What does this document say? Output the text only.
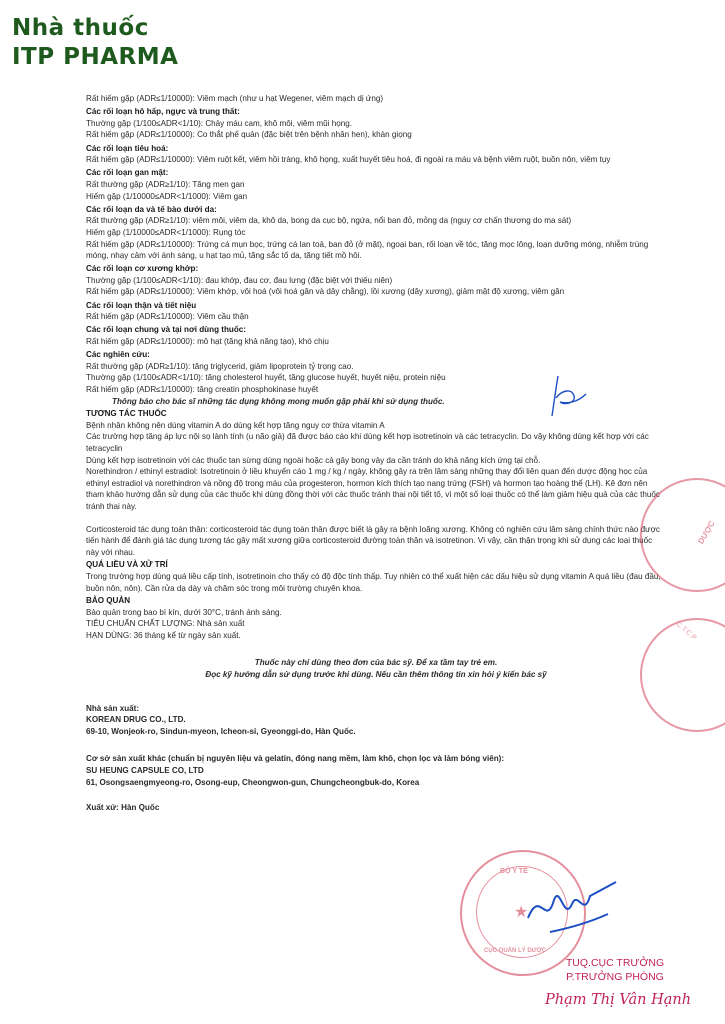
Nhà thuốc
ITP PHARMA

Rất hiếm gặp (ADR≤1/10000): Viêm mạch (như u hạt Wegener, viêm mạch dị ứng)

Các rối loạn hô hấp, ngực và trung thất:

Thường gặp (1/100≤ADR<1/10): Chảy máu cam, khô môi, viêm mũi họng.

Rất hiếm gặp (ADR≤1/10000): Co thắt phế quản (đặc biệt trên bệnh nhân hen), khàn giọng

Các rối loạn tiêu hoá:

Rất hiếm gặp (ADR≤1/10000): Viêm ruột kết, viêm hồi tràng, khô họng, xuất huyết tiêu hoá, đi ngoài ra máu và bệnh viêm ruột, buồn nôn, viêm tụy

Các rối loạn gan mật:

Rất thường gặp (ADR≥1/10): Tăng men gan

Hiếm gặp (1/10000≤ADR<1/1000): Viêm gan

Các rối loạn da và tế bào dưới da:

Rất thường gặp (ADR≥1/10): viêm môi, viêm da, khô da, bong da cục bộ, ngứa, nổi ban đỏ, mỏng da (nguy cơ chấn thương do ma sát)

Hiếm gặp (1/10000≤ADR<1/1000): Rụng tóc

Rất hiếm gặp (ADR≤1/10000): Trứng cá mụn bọc, trứng cá lan toả, ban đỏ (ở mặt), ngoại ban, rối loạn về tóc, tăng mọc lông, loạn dưỡng móng, nhiễm trùng móng, nhạy cảm với ánh sáng, u hạt tạo mủ, tăng sắc tố da, tăng tiết mồ hôi.

Các rối loạn cơ xương khớp:

Thường gặp (1/100≤ADR<1/10): đau khớp, đau cơ, đau lưng (đặc biệt với thiếu niên)

Rất hiếm gặp (ADR≤1/10000): Viêm khớp, vôi hoá (vôi hoá gân và dây chằng), lồi xương (dây xương), giảm mật độ xương, viêm gân

Các rối loạn thận và tiết niệu

Rất hiếm gặp (ADR≤1/10000): Viêm cầu thận

Các rối loạn chung và tại nơi dùng thuốc:

Rất hiếm gặp (ADR≤1/10000): mô hạt (tăng khả năng tạo), khó chịu

Các nghiên cứu:

Rất thường gặp (ADR≥1/10): tăng triglycerid, giảm lipoprotein tỷ trọng cao.

Thường gặp (1/100≤ADR<1/10): tăng cholesterol huyết, tăng glucose huyết, huyết niệu, protein niệu

Rất hiếm gặp (ADR≤1/10000): tăng creatin phosphokinase huyết

Thông báo cho bác sĩ những tác dụng không mong muốn gặp phải khi sử dụng thuốc.

TƯƠNG TÁC THUỐC

Bệnh nhân không nên dùng vitamin A do dùng kết hợp tăng nguy cơ thừa vitamin A

Các trường hợp tăng áp lực nội sọ lành tính (u não giả) đã được báo cáo khi dùng kết hợp isotretinoin và các tetracyclin. Do vậy không dùng kết hợp với các tetracyclin

Dùng kết hợp isotretinoin với các thuốc tan sừng dùng ngoài hoặc cả gây bong vảy da cần tránh do khả năng kích ứng tại chỗ.

Norethindron / ethinyl estradiol: Isotretinoin ở liều khuyến cáo 1 mg / kg / ngày, không gây ra trên lâm sàng những thay đổi liên quan đến dược động học của ethinyl estradiol và norethindron và nồng độ trong máu của progesteron, hormon kích thích tạo nang trứng (FSH) và hormon tạo hoàng thể (LH). Kê đơn nên tham khảo hướng dẫn sử dụng của các thuốc khi dùng đồng thời với các thuốc tránh thai nội tiết tố, vì một số loại thuốc có thể làm giảm hiệu quả của các thuốc tránh thai này.

Corticosteroid tác dụng toàn thân: corticosteroid tác dụng toàn thân được biết là gây ra bệnh loãng xương. Không có nghiên cứu lâm sàng chính thức nào được tiến hành để đánh giá tác dụng tương tác gây mất xương giữa corticosteroid đường toàn thân và isotretinon. Vì vậy, cần thận trọng khi sử dụng các loại thuốc này với nhau.

QUÁ LIỀU VÀ XỬ TRÍ

Trong trường hợp dùng quá liều cấp tính, isotretinoin cho thấy có độ độc tính thấp. Tuy nhiên có thể xuất hiện các dấu hiệu sử dụng vitamin A quá liều (đau đầu, buồn nôn, nôn). Cần rửa dạ dày và chăm sóc trong môi trường chuyên khoa.

BẢO QUẢN

Bảo quản trong bao bì kín, dưới 30°C, tránh ánh sáng.

TIÊU CHUẨN CHẤT LƯỢNG: Nhà sản xuất

HẠN DÙNG: 36 tháng kể từ ngày sản xuất.

Thuốc này chỉ dùng theo đơn của bác sỹ. Để xa tầm tay trẻ em.

Đọc kỹ hướng dẫn sử dụng trước khi dùng. Nếu cần thêm thông tin xin hỏi ý kiến bác sỹ

Nhà sản xuất:

KOREAN DRUG CO., LTD.

69-10, Wonjeok-ro, Sindun-myeon, Icheon-si, Gyeonggi-do, Hàn Quốc.

Cơ sở sản xuất khác (chuẩn bị nguyên liệu và gelatin, đóng nang mềm, làm khô, chọn lọc và làm bóng viên):

SU HEUNG CAPSULE CO, LTD

61, Osongsaengmyeong-ro, Osong-eup, Cheongwon-gun, Chungcheongbuk-do, Korea

Xuất xứ: Hàn Quốc

DƯỢC
C.T.C.P
BỘ Y TẾ
CỤC QUẢN LÝ DƯỢC
★
TUQ.CỤC TRƯỞNG
P.TRƯỞNG PHÒNG
Phạm Thị Vân Hạnh
